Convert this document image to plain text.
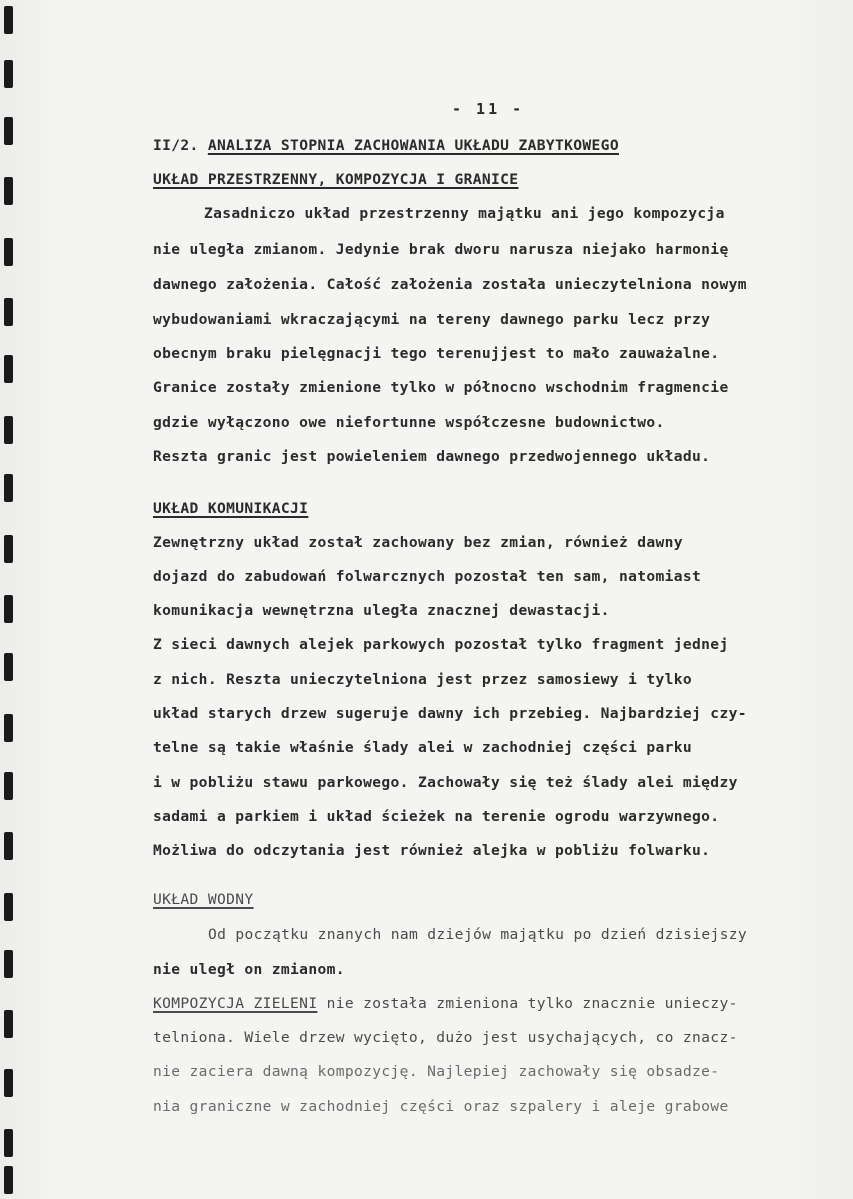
- 11 -
II/2. ANALIZA STOPNIA ZACHOWANIA UKŁADU ZABYTKOWEGO
UKŁAD PRZESTRZENNY, KOMPOZYCJA I GRANICE
Zasadniczo układ przestrzenny majątku ani jego kompozycja
nie uległa zmianom. Jedynie brak dworu narusza niejako harmonię
dawnego założenia. Całość założenia została unieczytelniona nowym
wybudowaniami wkraczającymi na tereny dawnego parku lecz przy
obecnym braku pielęgnacji tego terenujjest to mało zauważalne.
Granice zostały zmienione tylko w północno wschodnim fragmencie
gdzie wyłączono owe niefortunne współczesne budownictwo.
Reszta granic jest powieleniem dawnego przedwojennego układu.
UKŁAD KOMUNIKACJI
Zewnętrzny układ został zachowany bez zmian, również dawny
dojazd do zabudowań folwarcznych pozostał ten sam, natomiast
komunikacja wewnętrzna uległa znacznej dewastacji.
Z sieci dawnych alejek parkowych pozostał tylko fragment jednej
z nich. Reszta unieczytelniona jest przez samosiewy i tylko
układ starych drzew sugeruje dawny ich przebieg. Najbardziej czy-
telne są takie właśnie ślady alei w zachodniej części parku
i w pobliżu stawu parkowego. Zachowały się też ślady alei między
sadami a parkiem i układ ścieżek na terenie ogrodu warzywnego.
Możliwa do odczytania jest również alejka w pobliżu folwarku.
UKŁAD WODNY
Od początku znanych nam dziejów majątku po dzień dzisiejszy
nie uległ on zmianom.
KOMPOZYCJA ZIELENI nie została zmieniona tylko znacznie unieczy-
telniona. Wiele drzew wycięto, dużo jest usychających, co znacz-
nie zaciera dawną kompozycję. Najlepiej zachowały się obsadze-
nia graniczne w zachodniej części oraz szpalery i aleje grabowe
